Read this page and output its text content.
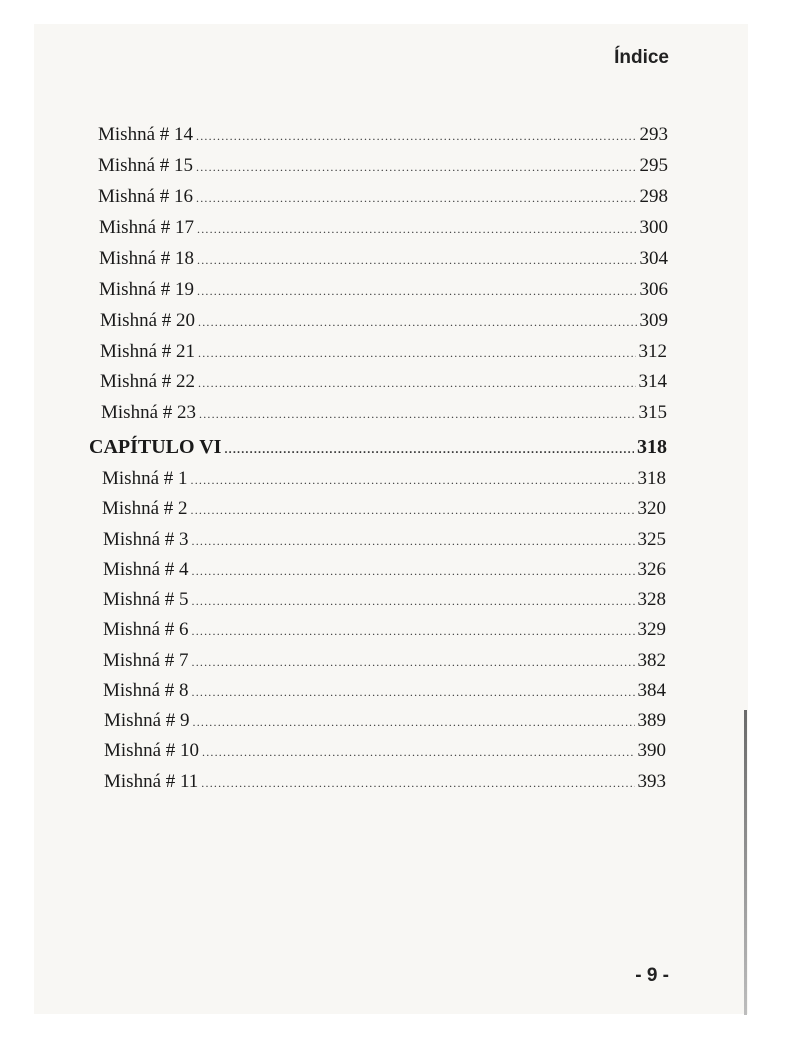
Índice
Mishná # 14 .....	293
Mishná # 15 .....	295
Mishná # 16 .....	298
Mishná # 17 .....	300
Mishná # 18 .....	304
Mishná # 19 .....	306
Mishná # 20 .....	309
Mishná # 21 .....	312
Mishná # 22 .....	314
Mishná # 23 .....	315
CAPÍTULO VI .....	318
Mishná # 1 .....	318
Mishná # 2 .....	320
Mishná # 3 .....	325
Mishná # 4 .....	326
Mishná # 5 .....	328
Mishná # 6 .....	329
Mishná # 7 .....	382
Mishná # 8 .....	384
Mishná # 9 .....	389
Mishná # 10 .....	390
Mishná # 11 .....	393
- 9 -
